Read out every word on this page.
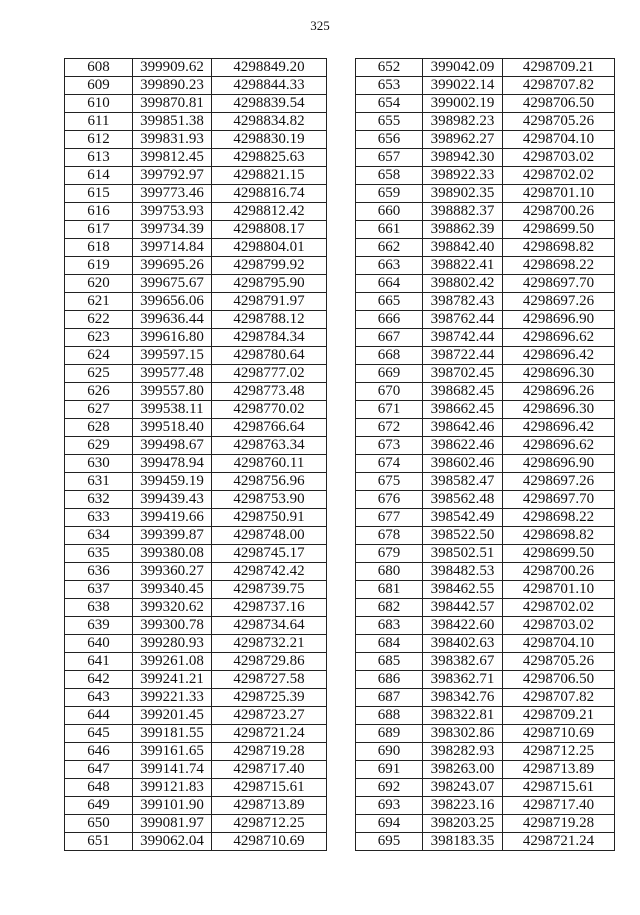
325
608	399909.62	4298849.20
609	399890.23	4298844.33
610	399870.81	4298839.54
611	399851.38	4298834.82
612	399831.93	4298830.19
613	399812.45	4298825.63
614	399792.97	4298821.15
615	399773.46	4298816.74
616	399753.93	4298812.42
617	399734.39	4298808.17
618	399714.84	4298804.01
619	399695.26	4298799.92
620	399675.67	4298795.90
621	399656.06	4298791.97
622	399636.44	4298788.12
623	399616.80	4298784.34
624	399597.15	4298780.64
625	399577.48	4298777.02
626	399557.80	4298773.48
627	399538.11	4298770.02
628	399518.40	4298766.64
629	399498.67	4298763.34
630	399478.94	4298760.11
631	399459.19	4298756.96
632	399439.43	4298753.90
633	399419.66	4298750.91
634	399399.87	4298748.00
635	399380.08	4298745.17
636	399360.27	4298742.42
637	399340.45	4298739.75
638	399320.62	4298737.16
639	399300.78	4298734.64
640	399280.93	4298732.21
641	399261.08	4298729.86
642	399241.21	4298727.58
643	399221.33	4298725.39
644	399201.45	4298723.27
645	399181.55	4298721.24
646	399161.65	4298719.28
647	399141.74	4298717.40
648	399121.83	4298715.61
649	399101.90	4298713.89
650	399081.97	4298712.25
651	399062.04	4298710.69
652	399042.09	4298709.21
653	399022.14	4298707.82
654	399002.19	4298706.50
655	398982.23	4298705.26
656	398962.27	4298704.10
657	398942.30	4298703.02
658	398922.33	4298702.02
659	398902.35	4298701.10
660	398882.37	4298700.26
661	398862.39	4298699.50
662	398842.40	4298698.82
663	398822.41	4298698.22
664	398802.42	4298697.70
665	398782.43	4298697.26
666	398762.44	4298696.90
667	398742.44	4298696.62
668	398722.44	4298696.42
669	398702.45	4298696.30
670	398682.45	4298696.26
671	398662.45	4298696.30
672	398642.46	4298696.42
673	398622.46	4298696.62
674	398602.46	4298696.90
675	398582.47	4298697.26
676	398562.48	4298697.70
677	398542.49	4298698.22
678	398522.50	4298698.82
679	398502.51	4298699.50
680	398482.53	4298700.26
681	398462.55	4298701.10
682	398442.57	4298702.02
683	398422.60	4298703.02
684	398402.63	4298704.10
685	398382.67	4298705.26
686	398362.71	4298706.50
687	398342.76	4298707.82
688	398322.81	4298709.21
689	398302.86	4298710.69
690	398282.93	4298712.25
691	398263.00	4298713.89
692	398243.07	4298715.61
693	398223.16	4298717.40
694	398203.25	4298719.28
695	398183.35	4298721.24
